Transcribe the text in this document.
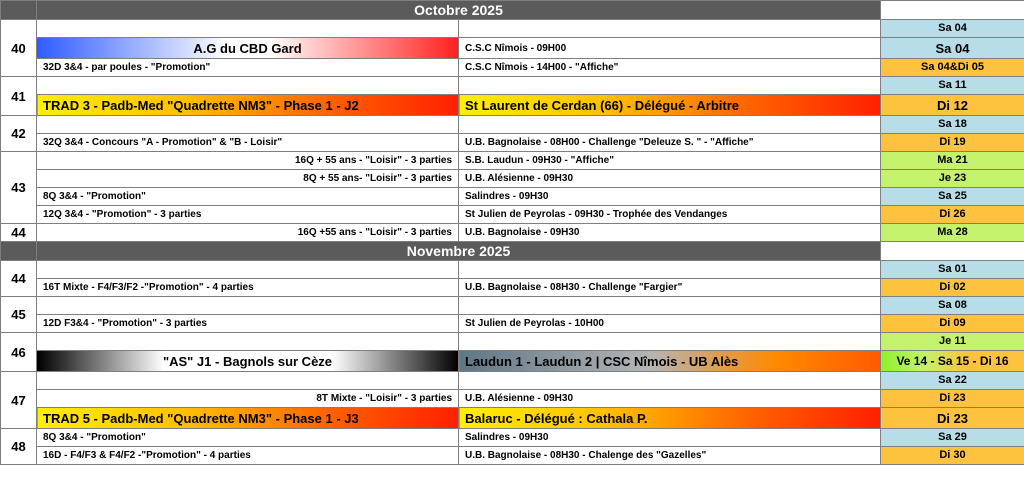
	Octobre 2025		
40			Sa 04
	A.G du CBD Gard	C.S.C Nîmois - 09H00	Sa 04
	32D 3&4 - par poules - "Promotion"	C.S.C Nîmois - 14H00 - "Affiche"	Sa 04&Di 05
41			Sa 11
	TRAD 3 - Padb-Med "Quadrette NM3" - Phase 1 - J2	St Laurent de Cerdan (66) - Délégué - Arbitre	Di 12
42			Sa 18
	32Q 3&4 - Concours "A - Promotion" & "B - Loisir"	U.B. Bagnolaise - 08H00 - Challenge "Deleuze S. " - "Affiche"	Di 19
43	16Q + 55 ans - "Loisir" - 3 parties	S.B. Laudun - 09H30 - "Affiche"	Ma 21
	8Q + 55 ans- "Loisir" - 3 parties	U.B. Alésienne - 09H30	Je 23
	8Q 3&4 - "Promotion"	Salindres - 09H30	Sa 25
	12Q 3&4 - "Promotion" - 3 parties	St Julien de Peyrolas - 09H30 - Trophée des Vendanges	Di 26
44	16Q +55 ans - "Loisir" - 3 parties	U.B. Bagnolaise - 09H30	Ma 28
	Novembre 2025		
44			Sa 01
	16T Mixte - F4/F3/F2 -"Promotion" - 4 parties	U.B. Bagnolaise - 08H30 - Challenge "Fargier"	Di 02
45			Sa 08
	12D F3&4 - "Promotion" - 3 parties	St Julien de Peyrolas - 10H00	Di 09
46			Je 11
	"AS" J1 - Bagnols sur Cèze	Laudun 1 - Laudun 2 | CSC Nîmois - UB Alès	Ve 14 - Sa 15 - Di 16
47			Sa 22
	8T Mixte - "Loisir" - 3 parties	U.B. Alésienne - 09H30	Di 23
	TRAD 5 - Padb-Med "Quadrette NM3" - Phase 1 - J3	Balaruc - Délégué : Cathala P.	Di 23
48	8Q 3&4 - "Promotion"	Salindres - 09H30	Sa 29
	16D - F4/F3 & F4/F2 -"Promotion" - 4 parties	U.B. Bagnolaise - 08H30 - Chalenge des "Gazelles"	Di 30
